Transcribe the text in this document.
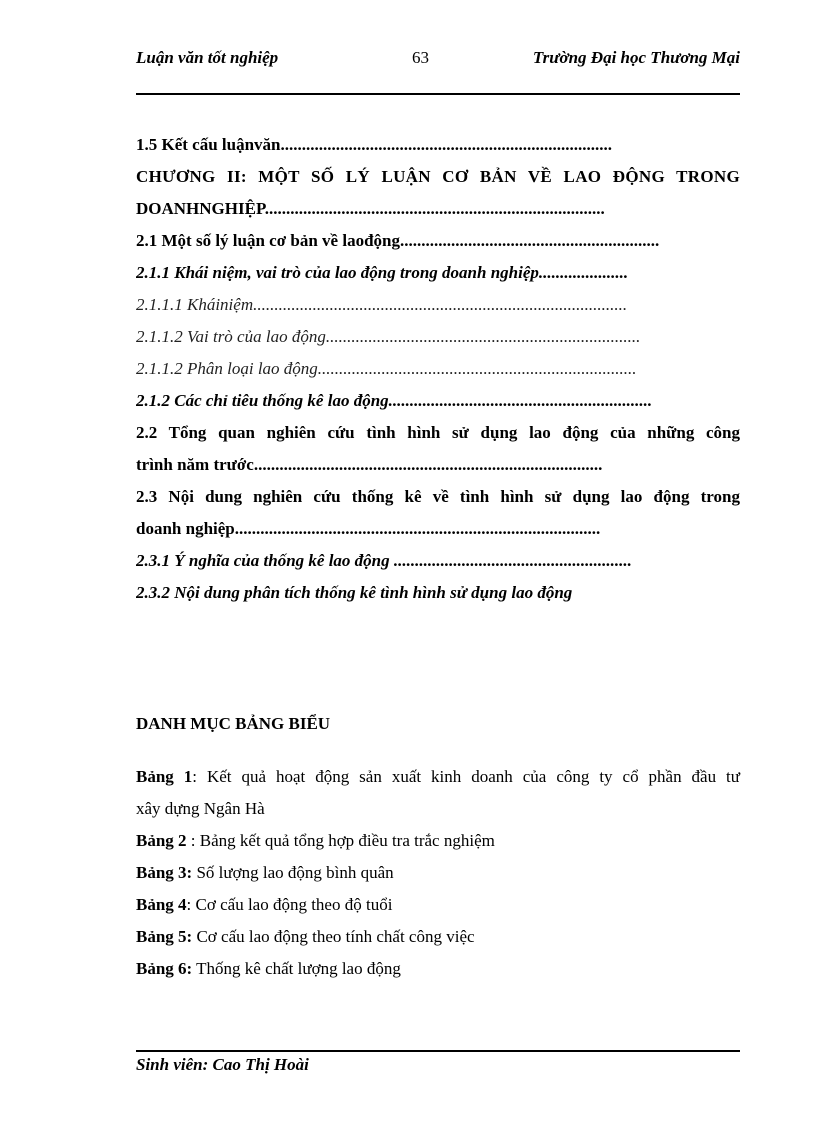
Luận văn tốt nghiệp	63	Trường Đại học Thương Mại
1.5 Kết cấu luậnvăn..............................................................................
CHƯƠNG II: MỘT SỐ LÝ LUẬN CƠ BẢN VỀ LAO ĐỘNG TRONG
DOANHNGHIỆP................................................................................
2.1 Một số lý luận cơ bản về laođộng.............................................................
2.1.1 Khái niệm, vai trò của lao động trong doanh nghiệp.....................
2.1.1.1 Kháiniệm........................................................................................
2.1.1.2 Vai trò của lao động..........................................................................
2.1.1.2 Phân loại lao động...........................................................................
2.1.2 Các chỉ tiêu thống kê lao động..............................................................
2.2 Tổng quan nghiên cứu tình hình sử dụng lao động của những công
trình năm trước..................................................................................
2.3 Nội dung nghiên cứu thống kê về tình hình sử dụng lao động trong
doanh nghiệp......................................................................................
2.3.1 Ý nghĩa của thống kê lao động ........................................................
2.3.2 Nội dung phân tích thống kê tình hình sử dụng lao động
DANH MỤC BẢNG BIỂU
Bảng 1: Kết quả hoạt động sản xuất kinh doanh của công ty cổ phần đầu tư
xây dựng Ngân Hà
Bảng 2 : Bảng kết quả tổng hợp điều tra trắc nghiệm
Bảng 3: Số lượng lao động bình quân
Bảng 4: Cơ cấu lao động theo độ tuổi
Bảng 5: Cơ cấu lao động theo tính chất công việc
Bảng 6: Thống kê chất lượng lao động
Sinh viên: Cao Thị Hoài
